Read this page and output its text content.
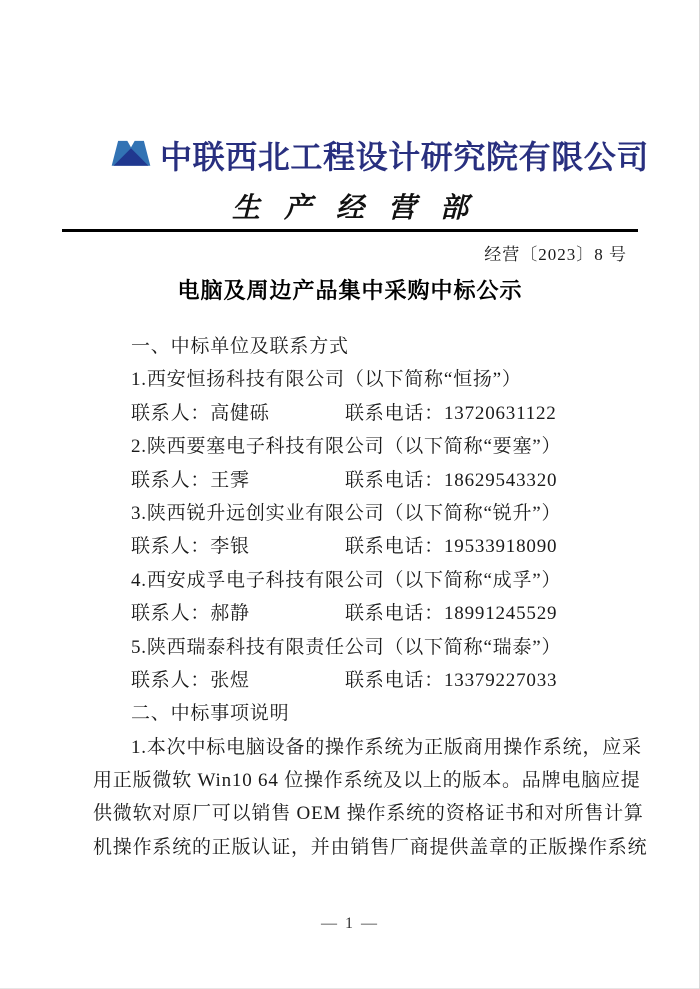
中联西北工程设计研究院有限公司
生产经营部
经营〔2023〕8 号
电脑及周边产品集中采购中标公示
一、中标单位及联系方式
1.西安恒扬科技有限公司（以下简称“恒扬”）
联系人：高健砾	联系电话：13720631122
2.陕西要塞电子科技有限公司（以下简称“要塞”）
联系人：王霁	联系电话：18629543320
3.陕西锐升远创实业有限公司（以下简称“锐升”）
联系人：李银	联系电话：19533918090
4.西安成孚电子科技有限公司（以下简称“成孚”）
联系人：郝静	联系电话：18991245529
5.陕西瑞泰科技有限责任公司（以下简称“瑞泰”）
联系人：张煜	联系电话：13379227033
二、中标事项说明
1.本次中标电脑设备的操作系统为正版商用操作系统，应采
用正版微软 Win10 64 位操作系统及以上的版本。品牌电脑应提
供微软对原厂可以销售 OEM 操作系统的资格证书和对所售计算
机操作系统的正版认证，并由销售厂商提供盖章的正版操作系统
— 1 —
